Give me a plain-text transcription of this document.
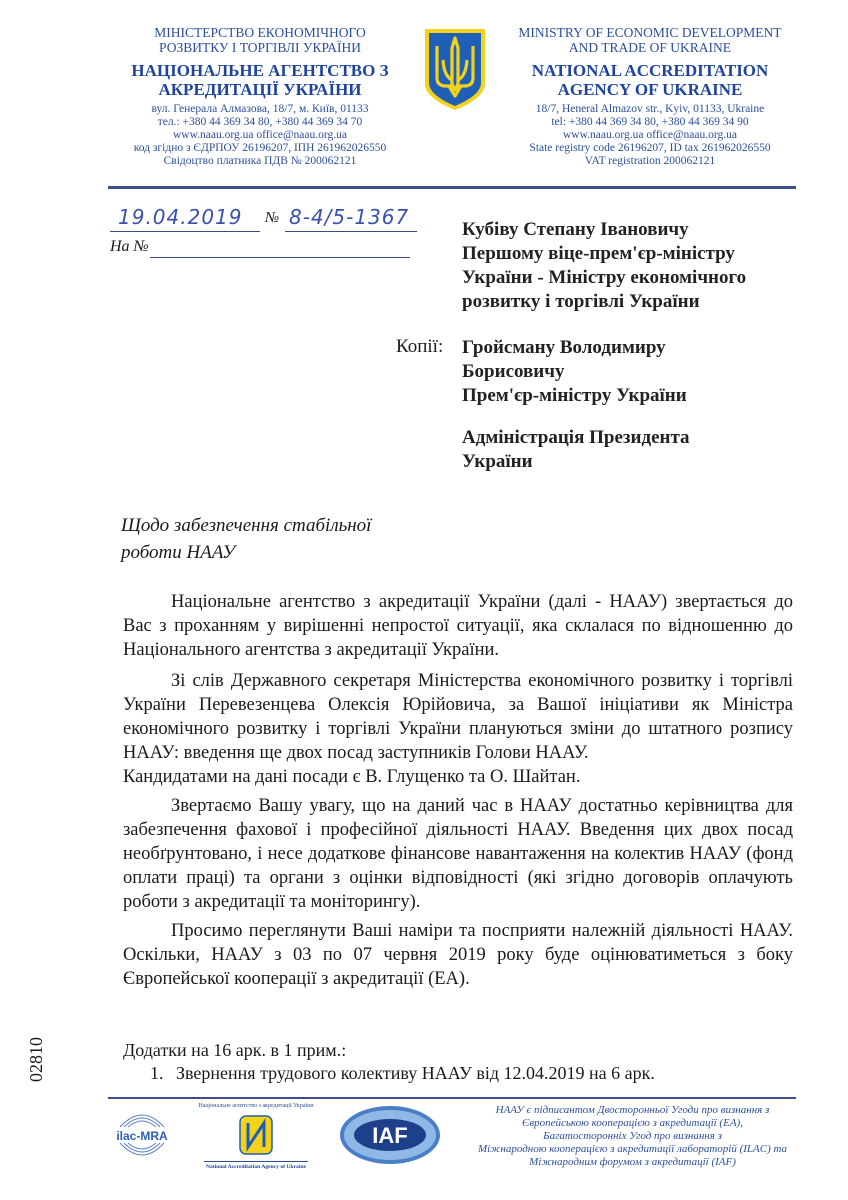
МІНІСТЕРСТВО ЕКОНОМІЧНОГО
РОЗВИТКУ І ТОРГІВЛІ УКРАЇНИ
НАЦІОНАЛЬНЕ АГЕНТСТВО З
АКРЕДИТАЦІЇ УКРАЇНИ
вул. Генерала Алмазова, 18/7, м. Київ, 01133
тел.: +380 44 369 34 80, +380 44 369 34 70
www.naau.org.ua office@naau.org.ua
код згідно з ЄДРПОУ 26196207, ІПН 261962026550
Свідоцтво платника ПДВ № 200062121
MINISTRY OF ECONOMIC DEVELOPMENT
AND TRADE OF UKRAINE
NATIONAL ACCREDITATION
AGENCY OF UKRAINE
18/7, Heneral Almazov str., Kyiv, 01133, Ukraine
tel: +380 44 369 34 80, +380 44 369 34 90
www.naau.org.ua office@naau.org.ua
State registry code 26196207, ID tax 261962026550
VAT registration 200062121
19.04.2019 № 8-4/5-1367
На №
Кубіву Степану Івановичу
Першому віце-прем'єр-міністру
України - Міністру економічного
розвитку і торгівлі України
Копії: Гройсману Володимиру
Борисовичу
Прем'єр-міністру України
Адміністрація Президента
України
Щодо забезпечення стабільної
роботи НААУ

Національне агентство з акредитації України (далі - НААУ) звертається до Вас з проханням у вирішенні непростої ситуації, яка склалася по відношенню до Національного агентства з акредитації України.

Зі слів Державного секретаря Міністерства економічного розвитку і торгівлі України Перевезенцева Олексія Юрійовича, за Вашої ініціативи як Міністра економічного розвитку і торгівлі України плануються зміни до штатного розпису НААУ: введення ще двох посад заступників Голови НААУ.

Кандидатами на дані посади є В. Глущенко та О. Шайтан.

Звертаємо Вашу увагу, що на даний час в НААУ достатньо керівництва для забезпечення фахової і професійної діяльності НААУ. Введення цих двох посад необґрунтовано, і несе додаткове фінансове навантаження на колектив НААУ (фонд оплати праці) та органи з оцінки відповідності (які згідно договорів оплачують роботи з акредитації та моніторингу).

Просимо переглянути Ваші наміри та посприяти належній діяльності НААУ. Оскільки, НААУ з 03 по 07 червня 2019 року буде оцінюватиметься з боку Європейської кооперації з акредитації (ЕА).

Додатки на 16 арк. в 1 прим.:
1. Звернення трудового колективу НААУ від 12.04.2019 на 6 арк.
02810
ilac-MRA
Національне агентство з акредитації України
National Accreditation Agency of Ukraine
IAF
НААУ є підписантом Двосторонньої Угоди про визнання з
Європейською кооперацією з акредитації (ЕА),
Багатосторонніх Угод про визнання з
Міжнародною кооперацією з акредитації лабораторій (ILAC) та
Міжнародним форумом з акредитації (IAF)
